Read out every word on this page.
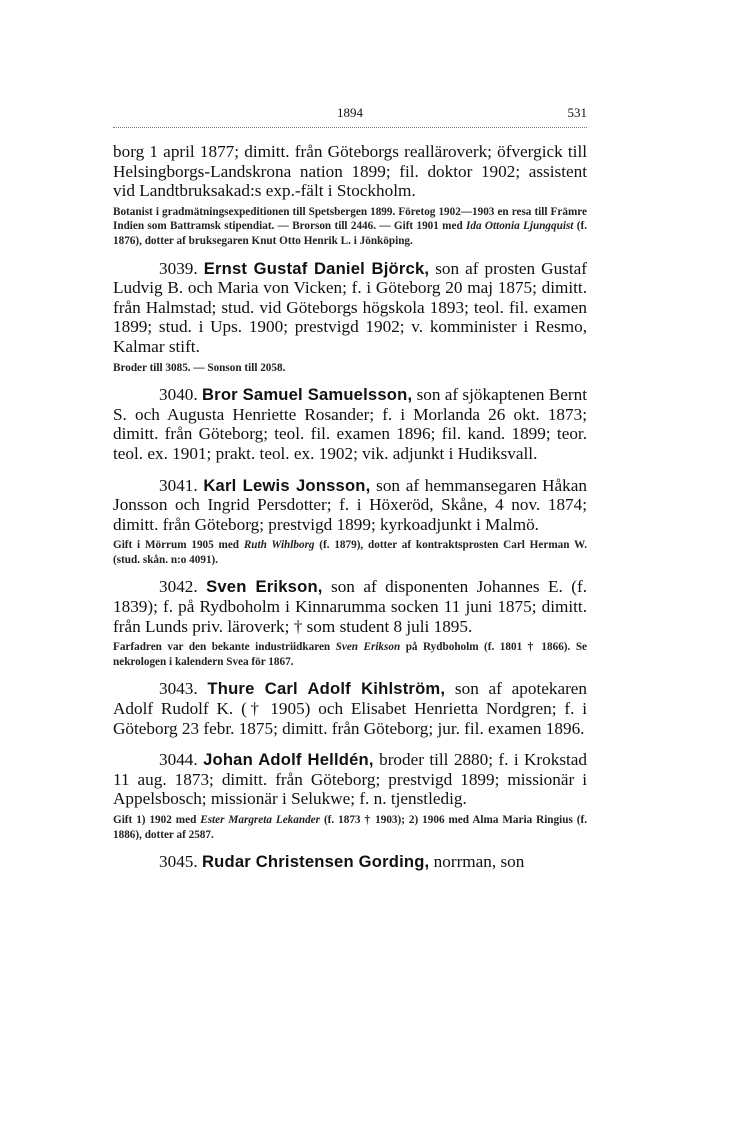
1894	531

borg 1 april 1877; dimitt. från Göteborgs realläroverk; öfvergick till Helsingborgs-Landskrona nation 1899; fil. doktor 1902; assistent vid Landtbruksakad:s exp.-fält i Stockholm.

Botanist i gradmätningsexpeditionen till Spetsbergen 1899. Företog 1902—1903 en resa till Främre Indien som Battramsk stipendiat. — Brorson till 2446. — Gift 1901 med Ida Ottonia Ljungquist (f. 1876), dotter af bruksegaren Knut Otto Henrik L. i Jönköping.

3039. Ernst Gustaf Daniel Björck, son af prosten Gustaf Ludvig B. och Maria von Vicken; f. i Göteborg 20 maj 1875; dimitt. från Halmstad; stud. vid Göteborgs högskola 1893; teol. fil. examen 1899; stud. i Ups. 1900; prestvigd 1902; v. komminister i Resmo, Kalmar stift.

Broder till 3085. — Sonson till 2058.

3040. Bror Samuel Samuelsson, son af sjökaptenen Bernt S. och Augusta Henriette Rosander; f. i Morlanda 26 okt. 1873; dimitt. från Göteborg; teol. fil. examen 1896; fil. kand. 1899; teor. teol. ex. 1901; prakt. teol. ex. 1902; vik. adjunkt i Hudiksvall.

3041. Karl Lewis Jonsson, son af hemmansegaren Håkan Jonsson och Ingrid Persdotter; f. i Höxeröd, Skåne, 4 nov. 1874; dimitt. från Göteborg; prestvigd 1899; kyrkoadjunkt i Malmö.

Gift i Mörrum 1905 med Ruth Wihlborg (f. 1879), dotter af kontraktsprosten Carl Herman W. (stud. skån. n:o 4091).

3042. Sven Erikson, son af disponenten Johannes E. (f. 1839); f. på Rydboholm i Kinnarumma socken 11 juni 1875; dimitt. från Lunds priv. läroverk; † som student 8 juli 1895.

Farfadren var den bekante industriidkaren Sven Erikson på Rydboholm (f. 1801 † 1866). Se nekrologen i kalendern Svea för 1867.

3043. Thure Carl Adolf Kihlström, son af apotekaren Adolf Rudolf K. († 1905) och Elisabet Henrietta Nordgren; f. i Göteborg 23 febr. 1875; dimitt. från Göteborg; jur. fil. examen 1896.

3044. Johan Adolf Helldén, broder till 2880; f. i Krokstad 11 aug. 1873; dimitt. från Göteborg; prestvigd 1899; missionär i Appelsbosch; missionär i Selukwe; f. n. tjenstledig.

Gift 1) 1902 med Ester Margreta Lekander (f. 1873 † 1903); 2) 1906 med Alma Maria Ringius (f. 1886), dotter af 2587.

3045. Rudar Christensen Gording, norrman, son
